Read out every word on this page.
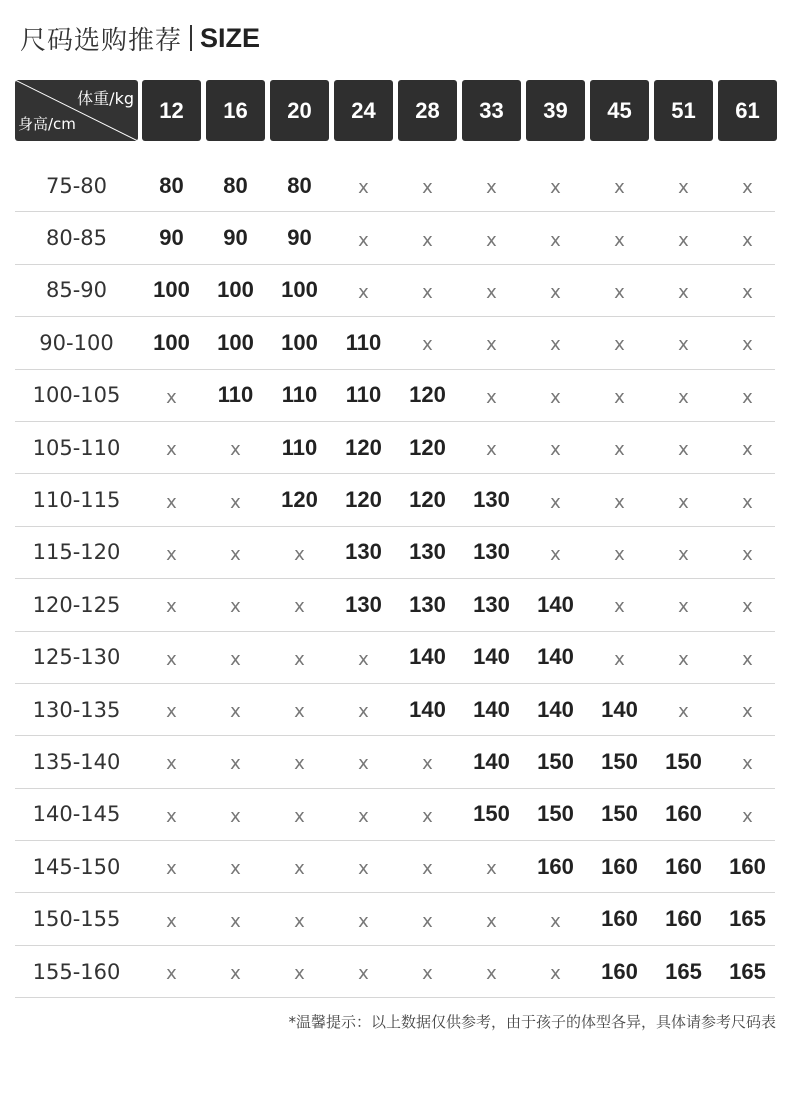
尺码选购推荐 SIZE
体重/kg
身高/cm
12	16	20	24	28	33	39	45	51	61
75-80	80	80	80	x	x	x	x	x	x	x
80-85	90	90	90	x	x	x	x	x	x	x
85-90	100	100	100	x	x	x	x	x	x	x
90-100	100	100	100	110	x	x	x	x	x	x
100-105	x	110	110	110	120	x	x	x	x	x
105-110	x	x	110	120	120	x	x	x	x	x
110-115	x	x	120	120	120	130	x	x	x	x
115-120	x	x	x	130	130	130	x	x	x	x
120-125	x	x	x	130	130	130	140	x	x	x
125-130	x	x	x	x	140	140	140	x	x	x
130-135	x	x	x	x	140	140	140	140	x	x
135-140	x	x	x	x	x	140	150	150	150	x
140-145	x	x	x	x	x	150	150	150	160	x
145-150	x	x	x	x	x	x	160	160	160	160
150-155	x	x	x	x	x	x	x	160	160	165
155-160	x	x	x	x	x	x	x	160	165	165
*温馨提示：以上数据仅供参考，由于孩子的体型各异，具体请参考尺码表
